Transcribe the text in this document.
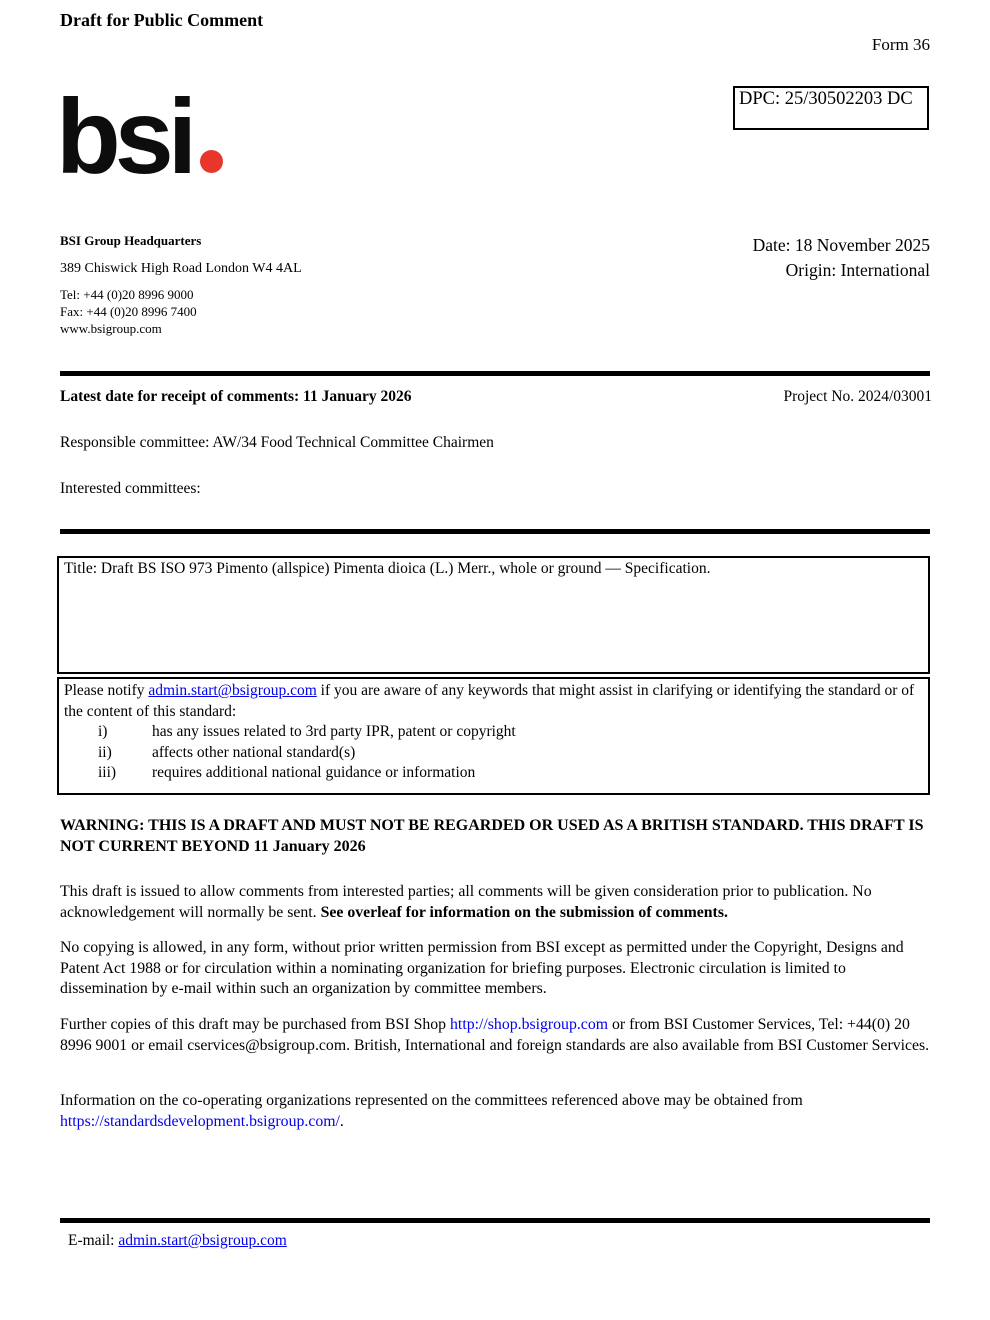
Draft for Public Comment
Form 36
DPC: 25/30502203 DC
bsi
BSI Group Headquarters
389 Chiswick High Road London W4 4AL
Tel: +44 (0)20 8996 9000
Fax: +44 (0)20 8996 7400
www.bsigroup.com
Date: 18 November 2025
Origin: International
Latest date for receipt of comments: 11 January 2026	Project No. 2024/03001
Responsible committee: AW/34 Food Technical Committee Chairmen
Interested committees:
Title: Draft BS ISO 973 Pimento (allspice) Pimenta dioica (L.) Merr., whole or ground — Specification.
Please notify admin.start@bsigroup.com if you are aware of any keywords that might assist in clarifying or identifying the standard or of the content of this standard:
i)	has any issues related to 3rd party IPR, patent or copyright
ii)	affects other national standard(s)
iii)	requires additional national guidance or information
WARNING: THIS IS A DRAFT AND MUST NOT BE REGARDED OR USED AS A BRITISH STANDARD. THIS DRAFT IS NOT CURRENT BEYOND 11 January 2026
This draft is issued to allow comments from interested parties; all comments will be given consideration prior to publication. No acknowledgement will normally be sent. See overleaf for information on the submission of comments.
No copying is allowed, in any form, without prior written permission from BSI except as permitted under the Copyright, Designs and Patent Act 1988 or for circulation within a nominating organization for briefing purposes. Electronic circulation is limited to dissemination by e-mail within such an organization by committee members.
Further copies of this draft may be purchased from BSI Shop http://shop.bsigroup.com or from BSI Customer Services, Tel: +44(0) 20 8996 9001 or email cservices@bsigroup.com. British, International and foreign standards are also available from BSI Customer Services.
Information on the co-operating organizations represented on the committees referenced above may be obtained from https://standardsdevelopment.bsigroup.com/.
E-mail: admin.start@bsigroup.com
